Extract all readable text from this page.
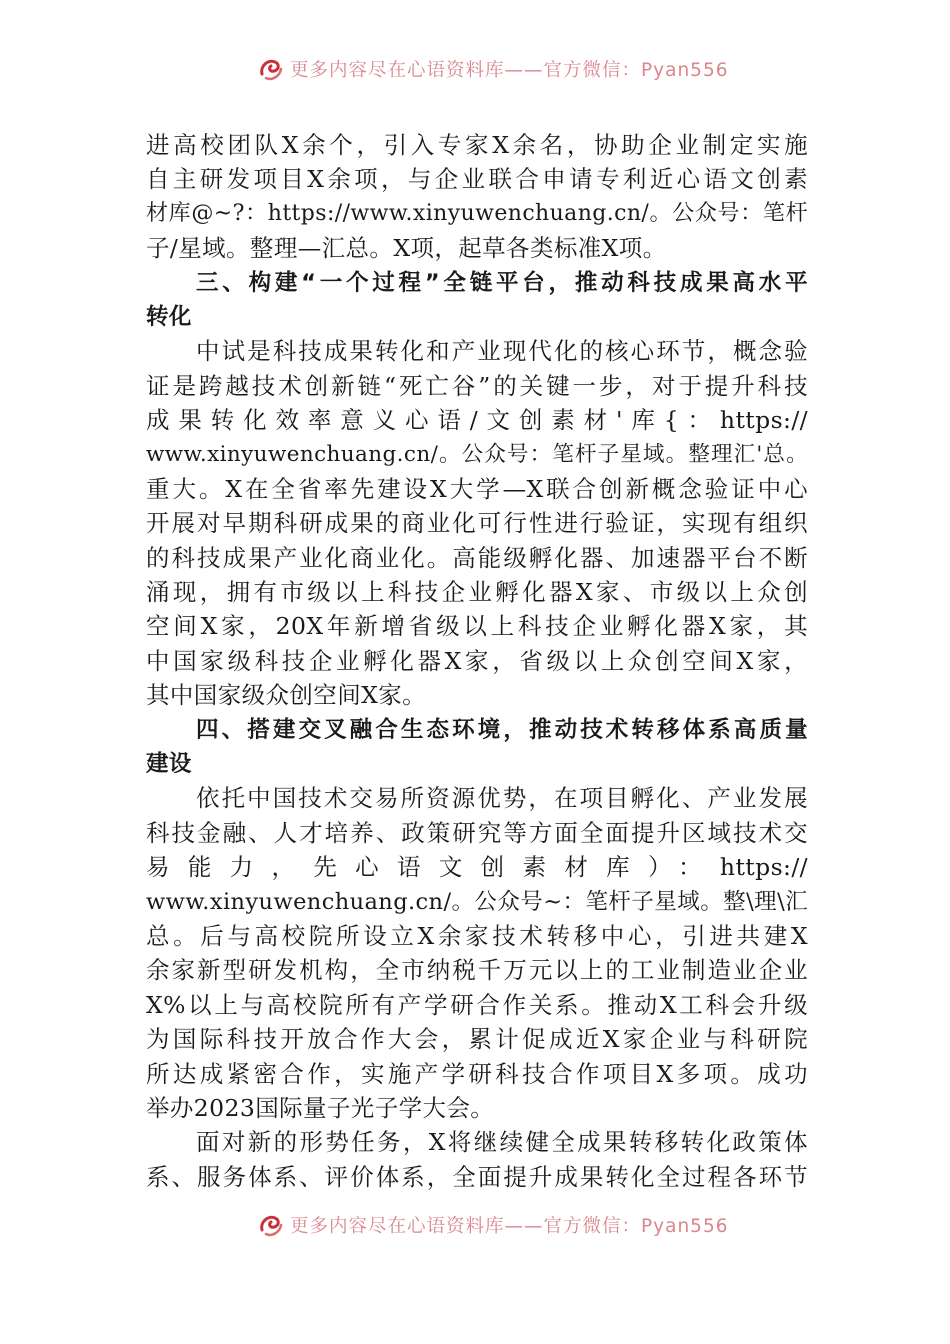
更多内容尽在心语资料库——官方微信：Pyan556
进高校团队X余个，引入专家X余名，协助企业制定实施
自主研发项目X余项，与企业联合申请专利近心语文创素
材库@~?：https://www.xinyuwenchuang.cn/。公众号：笔杆
子/星域。整理—汇总。X项，起草各类标准X项。
三、构建“一个过程”全链平台，推动科技成果高水平
转化
中试是科技成果转化和产业现代化的核心环节，概念验
证是跨越技术创新链“死亡谷”的关键一步，对于提升科技
成果转化效率意义心语/文创素材'库{：https://
www.xinyuwenchuang.cn/。公众号：笔杆子星域。整理汇'总。
重大。X在全省率先建设X大学—X联合创新概念验证中心
开展对早期科研成果的商业化可行性进行验证，实现有组织
的科技成果产业化商业化。高能级孵化器、加速器平台不断
涌现，拥有市级以上科技企业孵化器X家、市级以上众创
空间X家，20X年新增省级以上科技企业孵化器X家，其
中国家级科技企业孵化器X家，省级以上众创空间X家，
其中国家级众创空间X家。
四、搭建交叉融合生态环境，推动技术转移体系高质量
建设
依托中国技术交易所资源优势，在项目孵化、产业发展
科技金融、人才培养、政策研究等方面全面提升区域技术交
易能力，先心语文创素材库）：https://
www.xinyuwenchuang.cn/。公众号~：笔杆子星域。整\理\汇
总。后与高校院所设立X余家技术转移中心，引进共建X
余家新型研发机构，全市纳税千万元以上的工业制造业企业
X%以上与高校院所有产学研合作关系。推动X工科会升级
为国际科技开放合作大会，累计促成近X家企业与科研院
所达成紧密合作，实施产学研科技合作项目X多项。成功
举办2023国际量子光子学大会。
面对新的形势任务，X将继续健全成果转移转化政策体
系、服务体系、评价体系，全面提升成果转化全过程各环节
更多内容尽在心语资料库——官方微信：Pyan556
